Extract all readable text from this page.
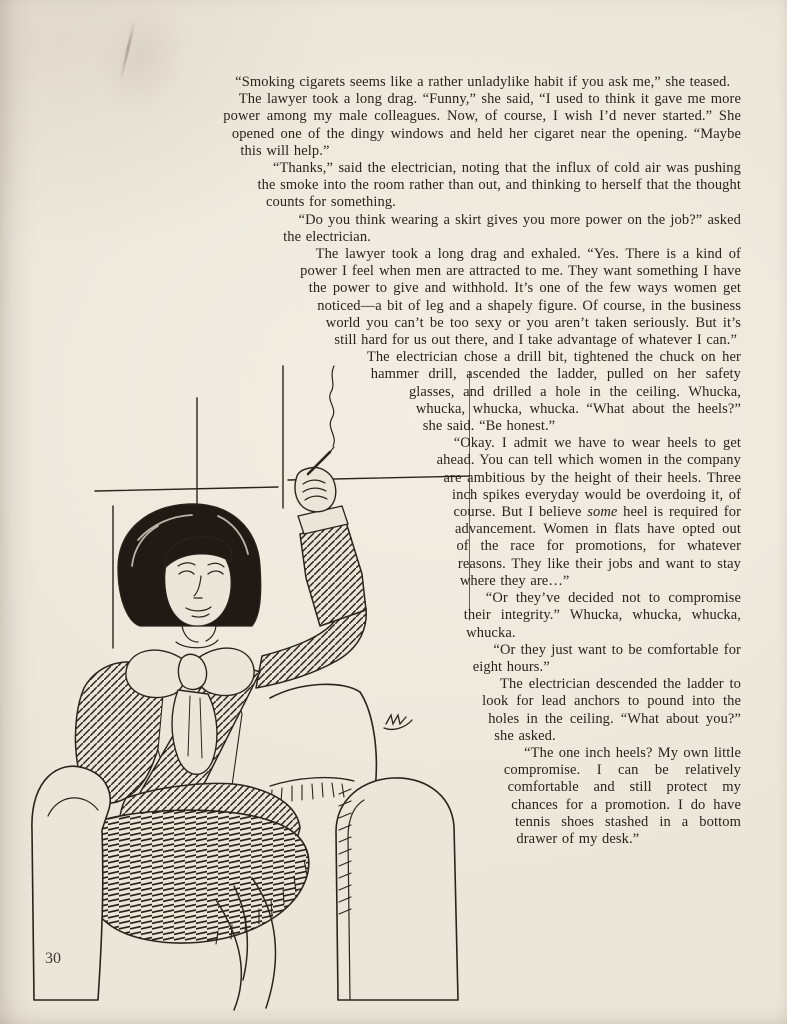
“Smoking cigarets seems like a rather unladylike habit if you ask me,” she teased.

The lawyer took a long drag. “Funny,” she said, “I used to think it gave me more power among my male colleagues. Now, of course, I wish I’d never started.” She opened one of the dingy windows and held her cigaret near the opening. “Maybe this will help.”

“Thanks,” said the electrician, noting that the influx of cold air was pushing the smoke into the room rather than out, and thinking to herself that the thought counts for something.

“Do you think wearing a skirt gives you more power on the job?” asked the electrician.

The lawyer took a long drag and exhaled. “Yes. There is a kind of power I feel when men are attracted to me. They want something I have the power to give and withhold. It’s one of the few ways women get noticed—a bit of leg and a shapely figure. Of course, in the business world you can’t be too sexy or you aren’t taken seriously. But it’s still hard for us out there, and I take advantage of whatever I can.”

The electrician chose a drill bit, tightened the chuck on her hammer drill, ascended the ladder, pulled on her safety glasses, and drilled a hole in the ceiling. Whucka, whucka, whucka, whucka. “What about the heels?” she said. “Be honest.”

“Okay. I admit we have to wear heels to get ahead. You can tell which women in the company are ambitious by the height of their heels. Three inch spikes everyday would be overdoing it, of course. But I believe some heel is required for advancement. Women in flats have opted out of the race for promotions, for whatever reasons. They like their jobs and want to stay where they are…”

“Or they’ve decided not to compromise their integrity.” Whucka, whucka, whucka, whucka.

“Or they just want to be comfortable for eight hours.”

The electrician descended the ladder to look for lead anchors to pound into the holes in the ceiling. “What about you?” she asked.

“The one inch heels? My own little compromise. I can be relatively comfortable and still protect my chances for a promotion. I do have tennis shoes stashed in a bottom drawer of my desk.”

30
